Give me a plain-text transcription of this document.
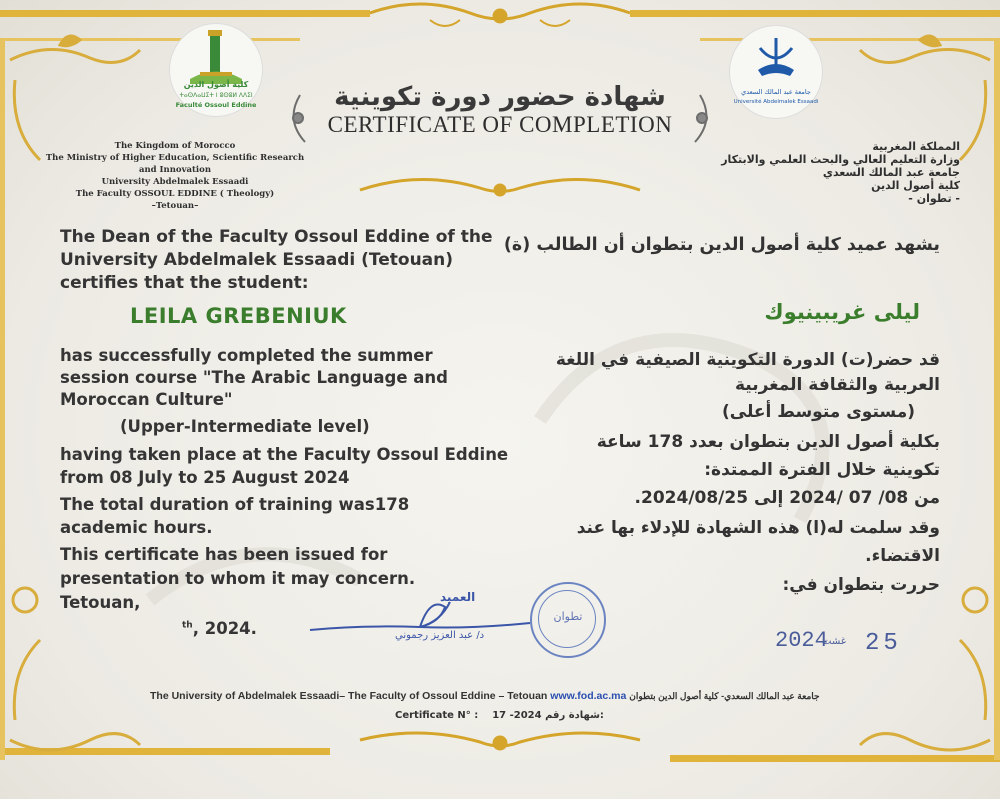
كلية أصول الدين
ⵜⴰⵙⴷⴰⵡⵉⵜ ⵏ ⵓⵙⵓⵍ ⴷⴷⵉⵏ
Faculté Ossoul Eddine
جامعة عبد المالك السعدي
Université Abdelmalek Essaadi
شهادة حضور دورة تكوينية
CERTIFICATE OF COMPLETION
The Kingdom of Morocco
The Ministry of Higher Education, Scientific Research
and Innovation
University Abdelmalek Essaadi
The Faculty OSSOUL EDDINE ( Theology)
–Tetouan–
المملكة المغربية
وزارة التعليم العالي والبحث العلمي والابتكار
جامعة عبد المالك السعدي
كلية أصول الدين
- تطوان -
The Dean of the Faculty Ossoul Eddine of the
University Abdelmalek Essaadi (Tetouan)
certifies that the student:
LEILA GREBENIUK
has successfully completed the summer
session course "The Arabic Language and
Moroccan Culture"
(Upper-Intermediate level)
having taken place at the Faculty Ossoul Eddine
from 08 July to 25 August 2024
The total duration of training was178
academic hours.
This certificate has been issued for
presentation to whom it may concern.
Tetouan,
$^{th}$, 2024.
يشهد عميد كلية أصول الدين بتطوان أن الطالب (ة)
ليلى غريبينيوك
قد حضر(ت) الدورة التكوينية الصيفية في اللغة
العربية والثقافة المغربية
(مستوى متوسط أعلى)
بكلية أصول الدين بتطوان بعدد 178 ساعة
تكوينية خلال الفترة الممتدة:
من 08/ 07 /2024 إلى 2024/08/25.
وقد سلمت له(ا) هذه الشهادة للإدلاء بها عند
الاقتضاء.
حررت بتطوان في:
العميد
د/ عبد العزيز رجموني
تطوان
2024
غشت 25
The University of Abdelmalek Essaadi– The Faculty of Ossoul Eddine – Tetouan www.fod.ac.ma جامعة عبد المالك السعدي- كلية أصول الدين بتطوان
Certificate N° : 17 -2024 شهادة رقم:
